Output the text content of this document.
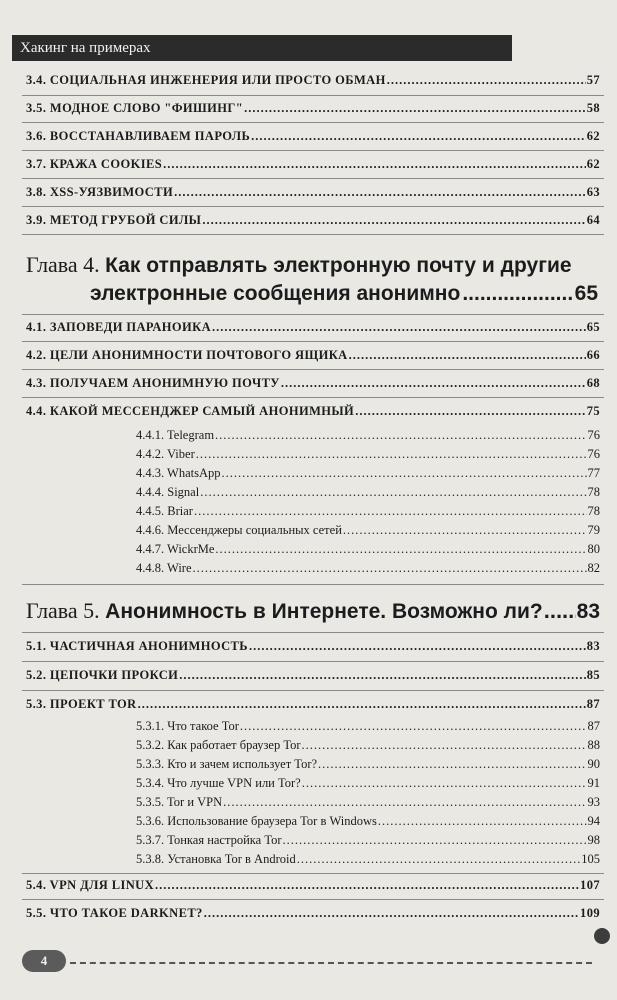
Хакинг на примерах
3.4. СОЦИАЛЬНАЯ ИНЖЕНЕРИЯ ИЛИ ПРОСТО ОБМАН .....	57
3.5. МОДНОЕ СЛОВО "ФИШИНГ" .....	58
3.6. ВОССТАНАВЛИВАЕМ ПАРОЛЬ .....	62
3.7. КРАЖА COOKIES .....	62
3.8. XSS-УЯЗВИМОСТИ .....	63
3.9. МЕТОД ГРУБОЙ СИЛЫ .....	64
Глава 4. Как отправлять электронную почту и другие
электронные сообщения анонимно .....	65
4.1. ЗАПОВЕДИ ПАРАНОИКА .....	65
4.2. ЦЕЛИ АНОНИМНОСТИ ПОЧТОВОГО ЯЩИКА .....	66
4.3. ПОЛУЧАЕМ АНОНИМНУЮ ПОЧТУ .....	68
4.4. КАКОЙ МЕССЕНДЖЕР САМЫЙ АНОНИМНЫЙ .....	75
4.4.1. Telegram .....	76
4.4.2. Viber .....	76
4.4.3. WhatsApp .....	77
4.4.4. Signal .....	78
4.4.5. Briar .....	78
4.4.6. Мессенджеры социальных сетей .....	79
4.4.7. WickrMe .....	80
4.4.8. Wire .....	82
Глава 5.
Анонимность в Интернете. Возможно ли? ..... 83
5.1. ЧАСТИЧНАЯ АНОНИМНОСТЬ .....	83
5.2. ЦЕПОЧКИ ПРОКСИ .....	85
5.3. ПРОЕКТ TOR .....	87
5.3.1. Что такое Tor .....	87
5.3.2. Как работает браузер Tor .....	88
5.3.3. Кто и зачем использует Tor? .....	90
5.3.4. Что лучше VPN или Tor? .....	91
5.3.5. Tor и VPN .....	93
5.3.6. Использование браузера Tor в Windows .....	94
5.3.7. Тонкая настройка Tor .....	98
5.3.8. Установка Tor в Android .....	105
5.4. VPN ДЛЯ LINUX .....	107
5.5. ЧТО ТАКОЕ DARKNET? .....	109
4
